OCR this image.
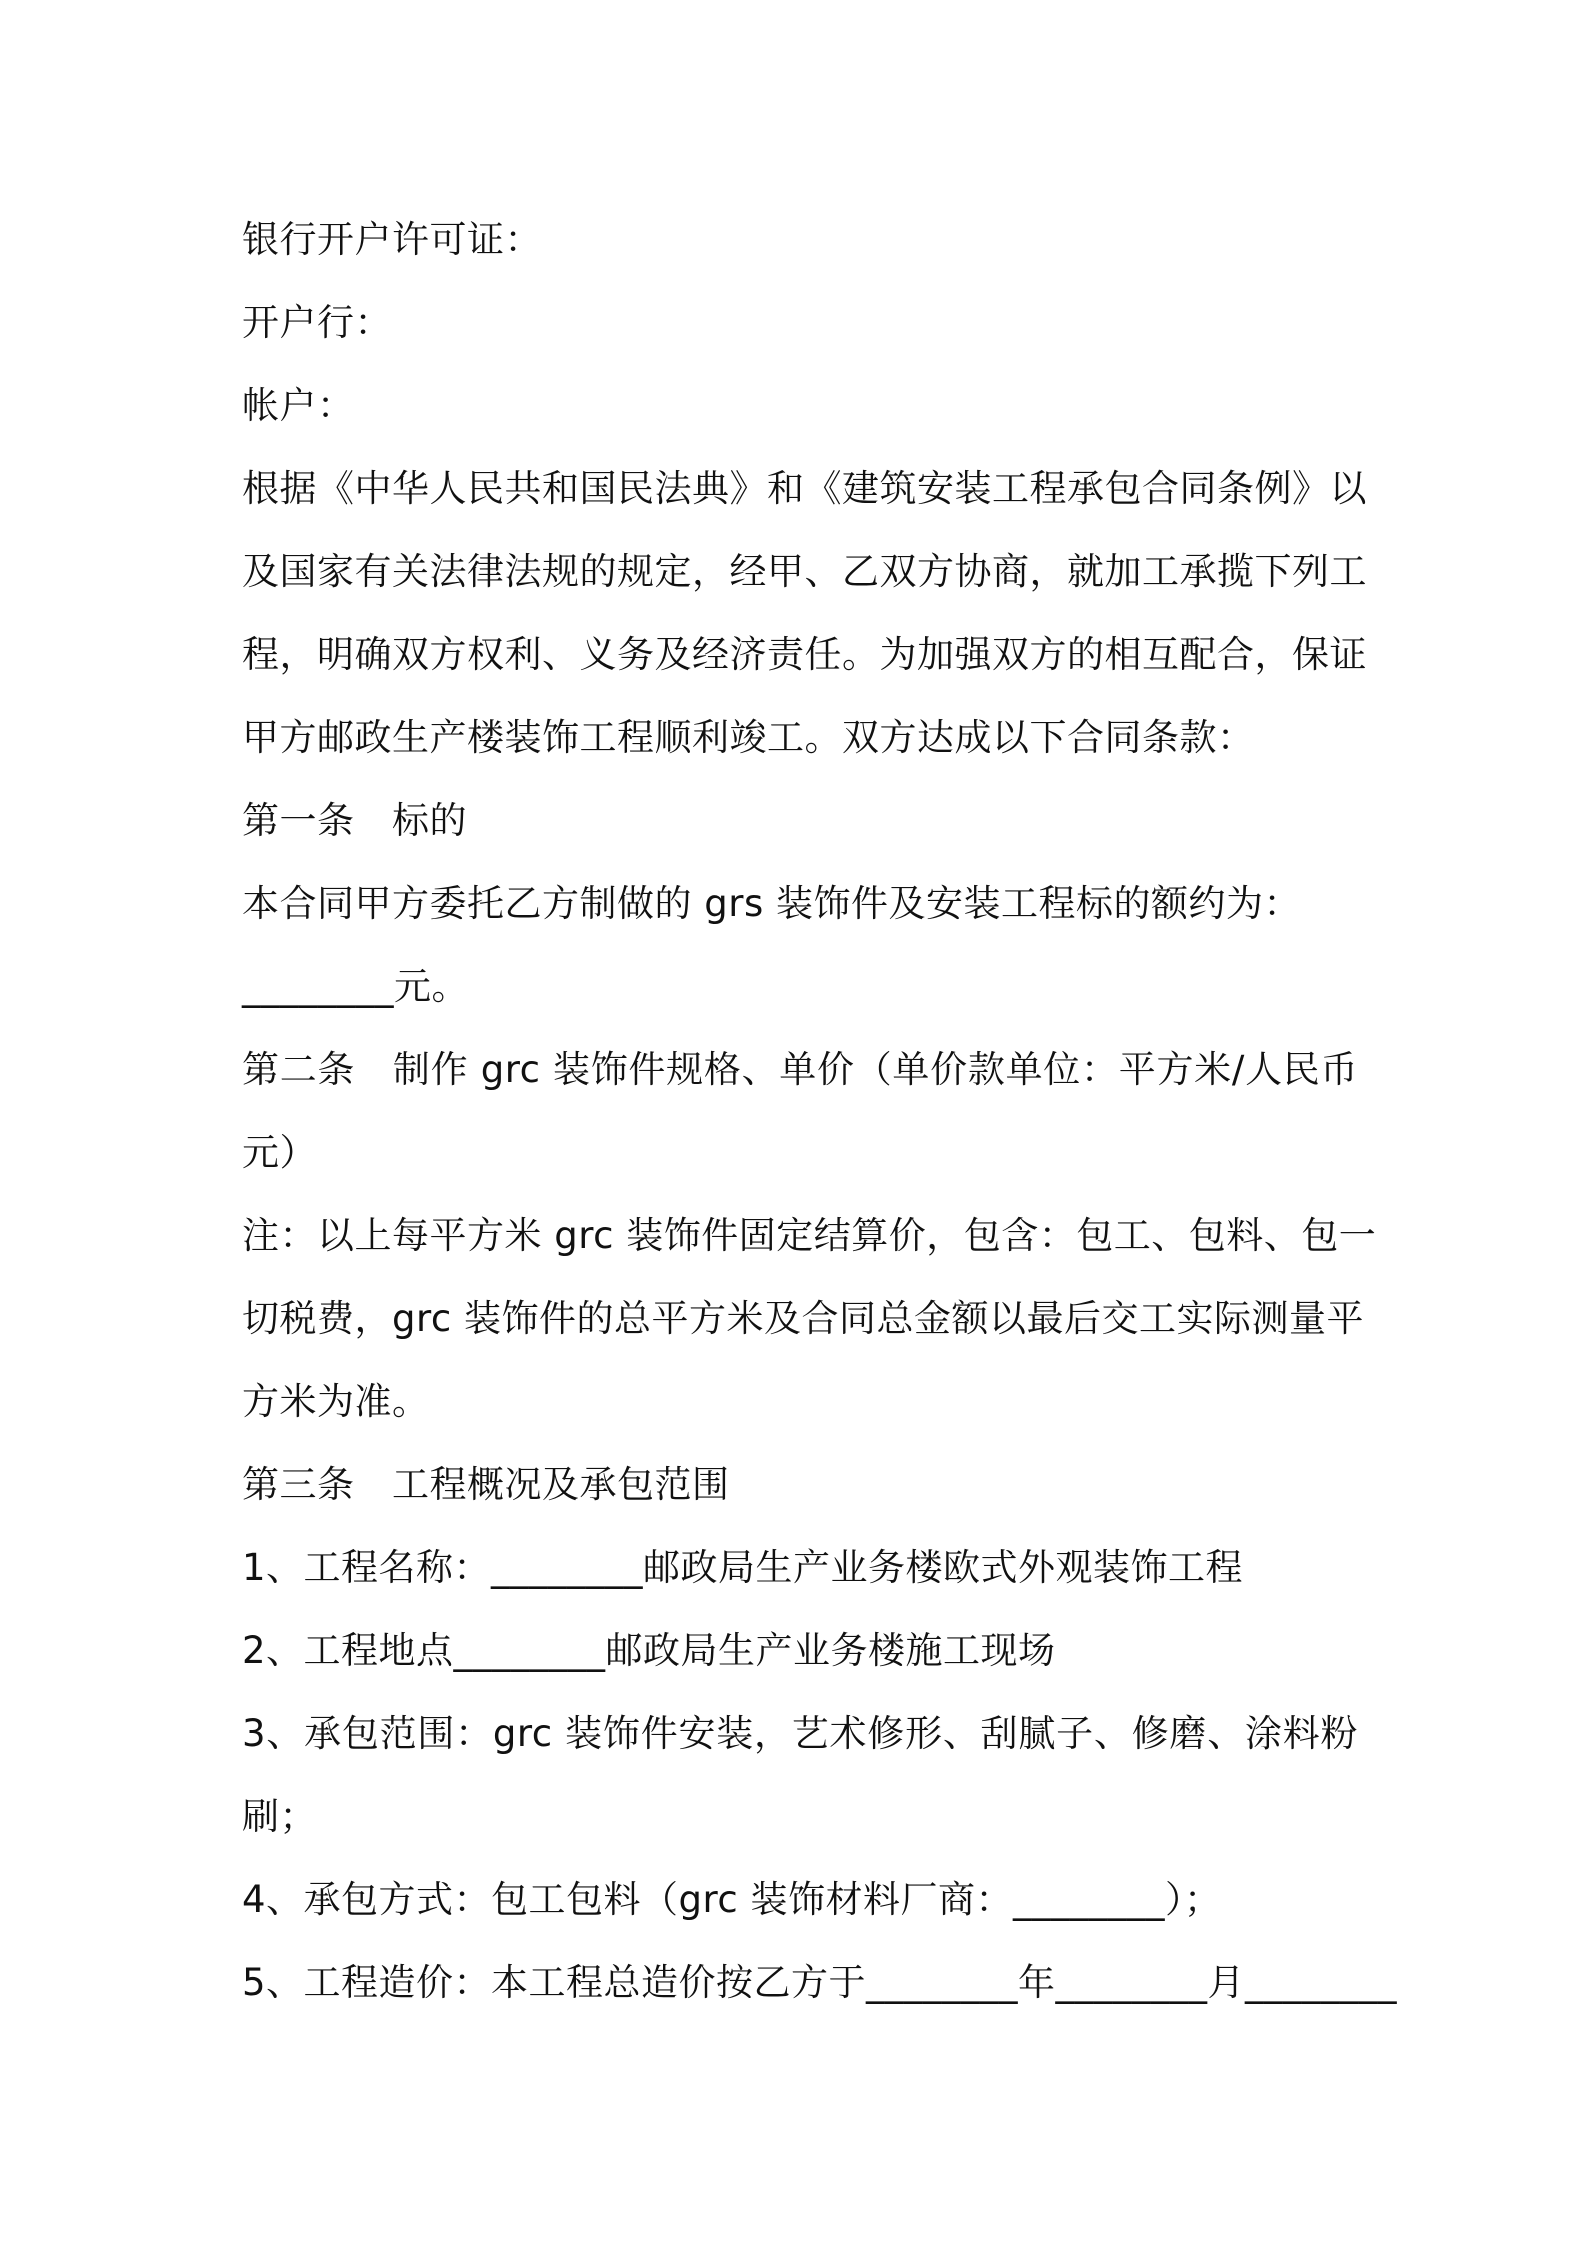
银行开户许可证：
开户行：
帐户：
根据《中华人民共和国民法典》和《建筑安装工程承包合同条例》以
及国家有关法律法规的规定，经甲、乙双方协商，就加工承揽下列工
程，明确双方权利、义务及经济责任。为加强双方的相互配合，保证
甲方邮政生产楼装饰工程顺利竣工。双方达成以下合同条款：
第一条　标的
本合同甲方委托乙方制做的 grs 装饰件及安装工程标的额约为：
________元。
第二条　制作 grc 装饰件规格、单价（单价款单位：平方米/人民币
元）
注：以上每平方米 grc 装饰件固定结算价，包含：包工、包料、包一
切税费，grc 装饰件的总平方米及合同总金额以最后交工实际测量平
方米为准。
第三条　工程概况及承包范围
1、工程名称：________邮政局生产业务楼欧式外观装饰工程
2、工程地点________邮政局生产业务楼施工现场
3、承包范围：grc 装饰件安装，艺术修形、刮腻子、修磨、涂料粉
刷；
4、承包方式：包工包料（grc 装饰材料厂商：________）；
5、工程造价：本工程总造价按乙方于________年________月________
